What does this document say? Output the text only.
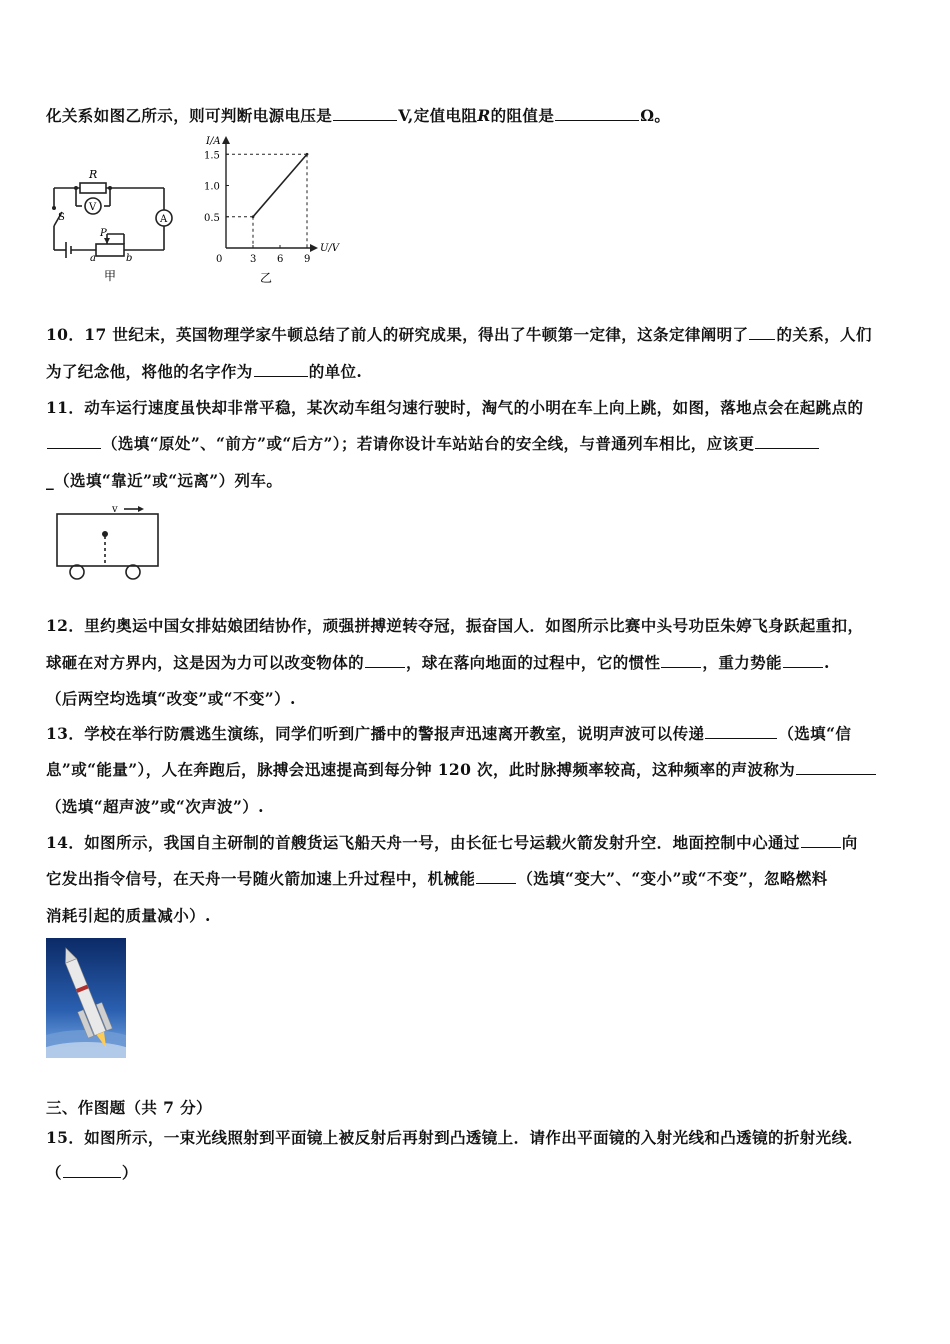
化关系如图乙所示，则可判断电源电压是	V,定值电阻R的阻值是	Ω。
R
V
A
S
P
a	b
甲
3 6 9
0.5
1.0
1.5
I/A
U/V
0
乙
10．17 世纪末，英国物理学家牛顿总结了前人的研究成果，得出了牛顿第一定律，这条定律阐明了 的关系，人们
为了纪念他，将他的名字作为	的单位.
11．动车运行速度虽快却非常平稳，某次动车组匀速行驶时，淘气的小明在车上向上跳，如图，落地点会在起跳点的
（选填“原处”、“前方”或“后方”）；若请你设计车站站台的安全线，与普通列车相比，应该更
_（选填“靠近”或“远离”）列车。
v
12．里约奥运中国女排姑娘团结协作，顽强拼搏逆转夺冠，振奋国人．如图所示比赛中头号功臣朱婷飞身跃起重扣，
球砸在对方界内，这是因为力可以改变物体的	，球在落向地面的过程中，它的惯性	，重力势能	.
（后两空均选填“改变”或“不变”）.
13．学校在举行防震逃生演练，同学们听到广播中的警报声迅速离开教室，说明声波可以传递	（选填“信
息”或“能量”），人在奔跑后，脉搏会迅速提高到每分钟 120 次，此时脉搏频率较高，这种频率的声波称为
（选填“超声波”或“次声波”）.
14．如图所示，我国自主研制的首艘货运飞船天舟一号，由长征七号运载火箭发射升空．地面控制中心通过	向
它发出指令信号，在天舟一号随火箭加速上升过程中，机械能	（选填“变大”、“变小”或“不变”，忽略燃料
消耗引起的质量减小）.
三、作图题（共 7 分）
15．如图所示，一束光线照射到平面镜上被反射后再射到凸透镜上．请作出平面镜的入射光线和凸透镜的折射光线．
（	）
